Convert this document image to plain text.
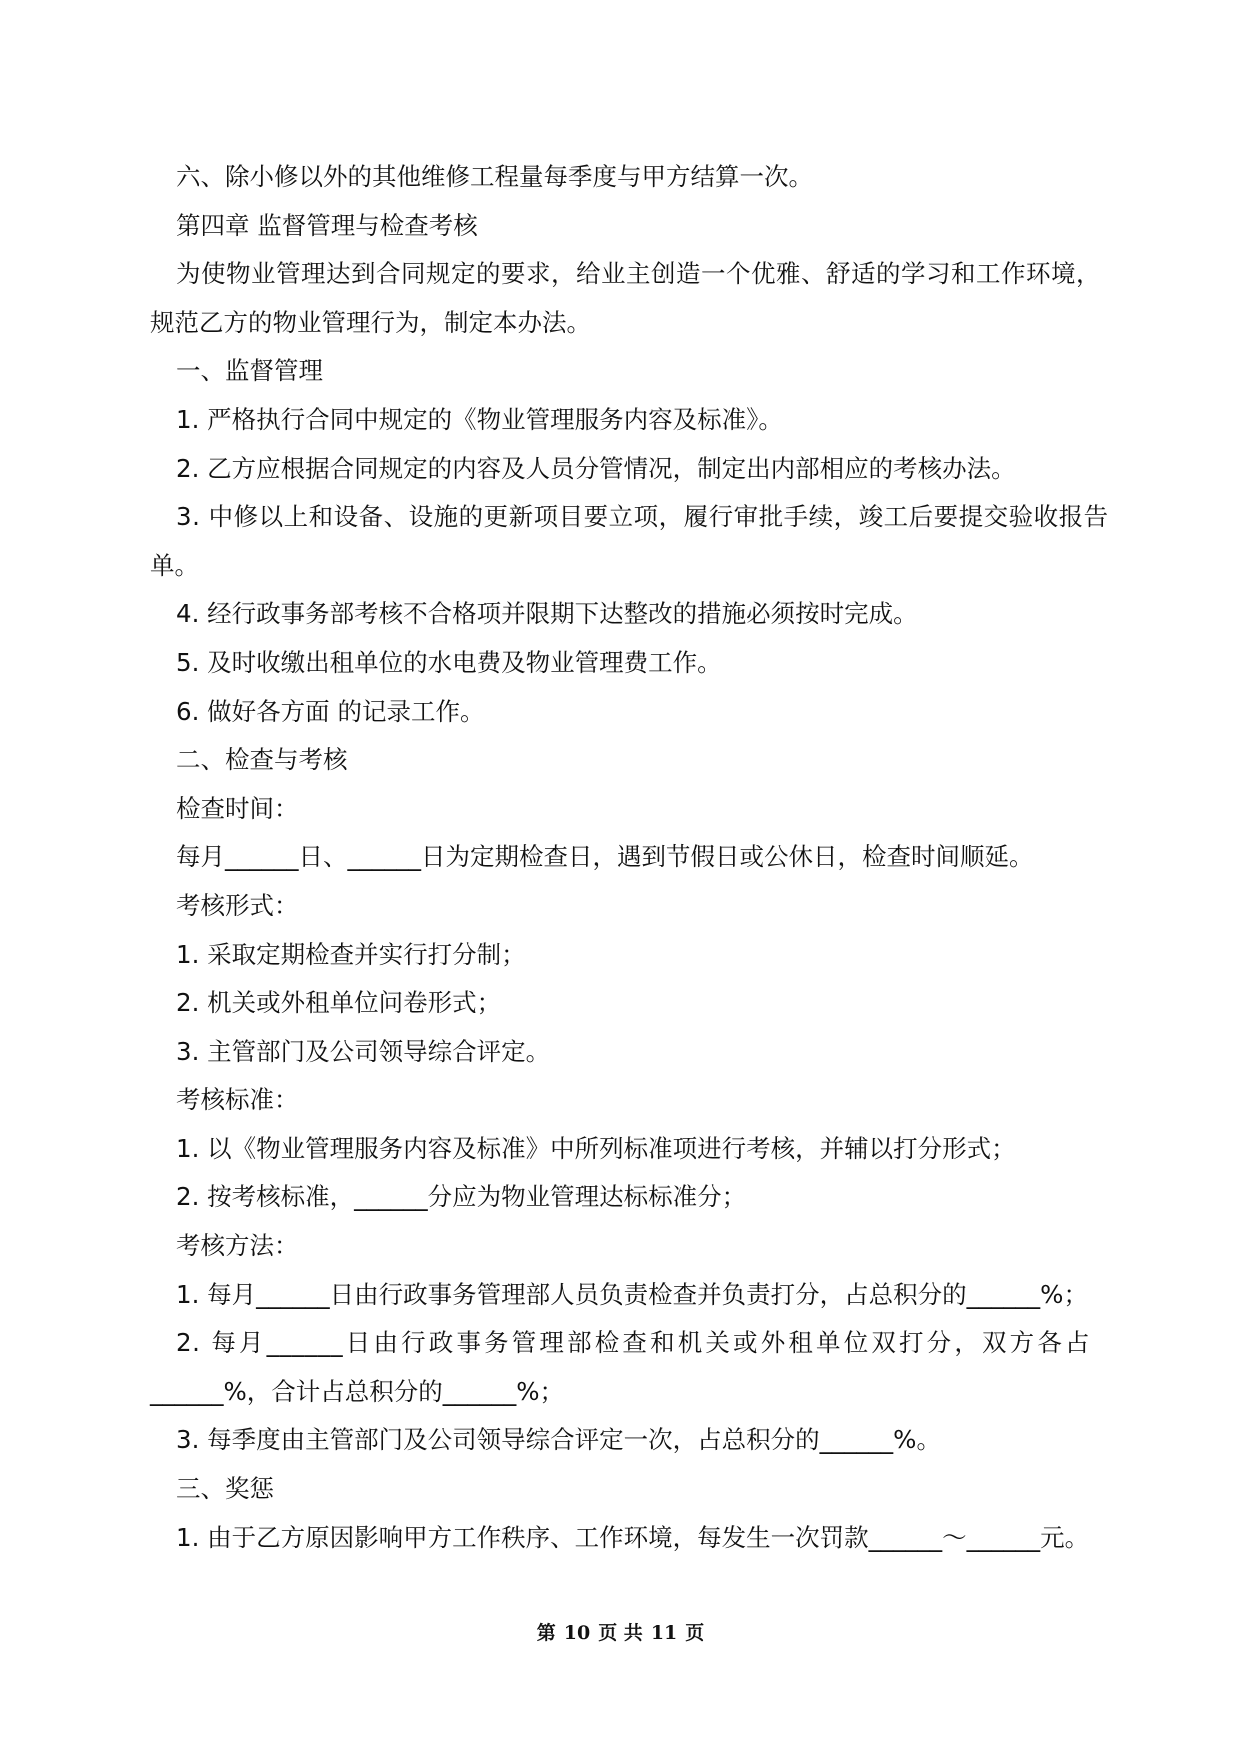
六、除小修以外的其他维修工程量每季度与甲方结算一次。
第四章 监督管理与检查考核
为使物业管理达到合同规定的要求，给业主创造一个优雅、舒适的学习和工作环境，
规范乙方的物业管理行为，制定本办法。
一、监督管理
1. 严格执行合同中规定的《物业管理服务内容及标准》。
2. 乙方应根据合同规定的内容及人员分管情况，制定出内部相应的考核办法。
3. 中修以上和设备、设施的更新项目要立项，履行审批手续，竣工后要提交验收报告
单。
4. 经行政事务部考核不合格项并限期下达整改的措施必须按时完成。
5. 及时收缴出租单位的水电费及物业管理费工作。
6. 做好各方面 的记录工作。
二、检查与考核
检查时间：
每月______日、______日为定期检查日，遇到节假日或公休日，检查时间顺延。
考核形式：
1. 采取定期检查并实行打分制；
2. 机关或外租单位问卷形式；
3. 主管部门及公司领导综合评定。
考核标准：
1. 以《物业管理服务内容及标准》中所列标准项进行考核，并辅以打分形式；
2. 按考核标准，______分应为物业管理达标标准分；
考核方法：
1. 每月______日由行政事务管理部人员负责检查并负责打分，占总积分的______%；
2. 每月______日由行政事务管理部检查和机关或外租单位双打分，双方各占
______%，合计占总积分的______%；
3. 每季度由主管部门及公司领导综合评定一次，占总积分的______%。
三、奖惩
1. 由于乙方原因影响甲方工作秩序、工作环境，每发生一次罚款______～______元。
第 10 页 共 11 页
